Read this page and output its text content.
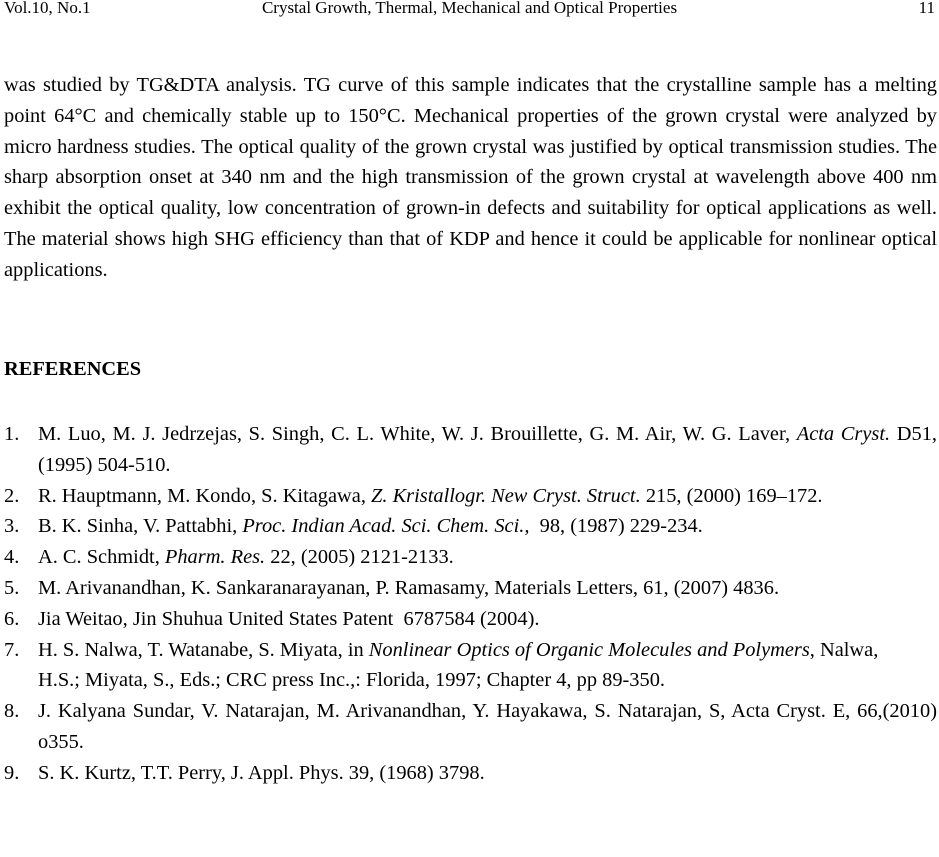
Vol.10, No.1	Crystal Growth, Thermal, Mechanical and Optical Properties	11

was studied by TG&DTA analysis. TG curve of this sample indicates that the crystalline sample has a melting point 64°C and chemically stable up to 150°C. Mechanical properties of the grown crystal were analyzed by micro hardness studies. The optical quality of the grown crystal was justified by optical transmission studies. The sharp absorption onset at 340 nm and the high transmission of the grown crystal at wavelength above 400 nm exhibit the optical quality, low concentration of grown-in defects and suitability for optical applications as well. The material shows high SHG efficiency than that of KDP and hence it could be applicable for nonlinear optical applications.

REFERENCES
1. M. Luo, M. J. Jedrzejas, S. Singh, C. L. White, W. J. Brouillette, G. M. Air, W. G. Laver, Acta Cryst. D51, (1995) 504-510.
2. R. Hauptmann, M. Kondo, S. Kitagawa, Z. Kristallogr. New Cryst. Struct. 215, (2000) 169–172.
3. B. K. Sinha, V. Pattabhi, Proc. Indian Acad. Sci. Chem. Sci., 98, (1987) 229-234.
4. A. C. Schmidt, Pharm. Res. 22, (2005) 2121-2133.
5. M. Arivanandhan, K. Sankaranarayanan, P. Ramasamy, Materials Letters, 61, (2007) 4836.
6. Jia Weitao, Jin Shuhua United States Patent  6787584 (2004).
7. H. S. Nalwa, T. Watanabe, S. Miyata, in Nonlinear Optics of Organic Molecules and Polymers, Nalwa, H.S.; Miyata, S., Eds.; CRC press Inc.,: Florida, 1997; Chapter 4, pp 89-350.
8. J. Kalyana Sundar, V. Natarajan, M. Arivanandhan, Y. Hayakawa, S. Natarajan, S, Acta Cryst. E, 66,(2010) o355.
9. S. K. Kurtz, T.T. Perry, J. Appl. Phys. 39, (1968) 3798.
